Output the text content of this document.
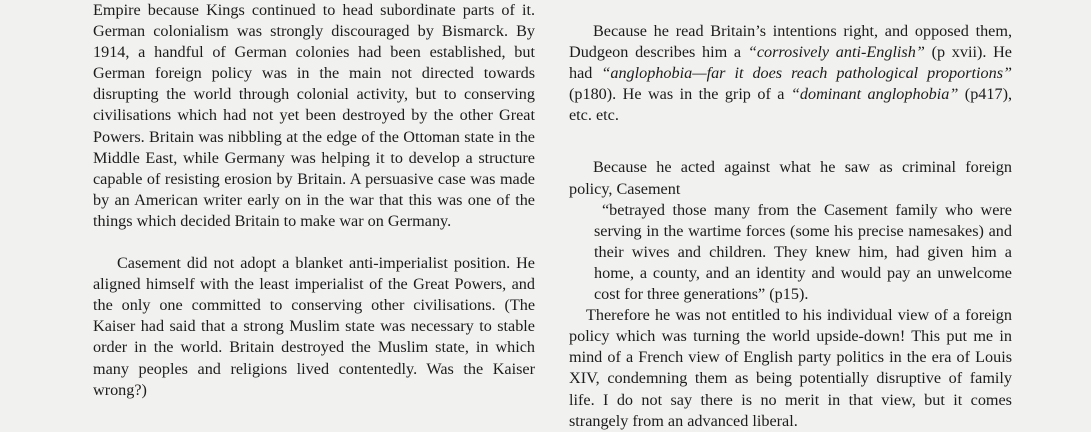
Empire because Kings continued to head subordinate parts of it. German colonialism was strongly discouraged by Bismarck. By 1914, a handful of German colonies had been established, but German foreign policy was in the main not directed towards disrupting the world through colonial activity, but to conserving civilisations which had not yet been destroyed by the other Great Powers. Britain was nibbling at the edge of the Ottoman state in the Middle East, while Germany was helping it to develop a structure capable of resisting erosion by Britain. A persuasive case was made by an American writer early on in the war that this was one of the things which decided Britain to make war on Germany.

Casement did not adopt a blanket anti-imperialist position. He aligned himself with the least imperialist of the Great Powers, and the only one committed to conserving other civilisations. (The Kaiser had said that a strong Muslim state was necessary to stable order in the world. Britain destroyed the Muslim state, in which many peoples and religions lived contentedly. Was the Kaiser wrong?)

Because he read Britain’s intentions right, and opposed them, Dudgeon describes him a “corrosively anti-English” (p xvii). He had “anglophobia—far it does reach pathological proportions” (p180). He was in the grip of a “dominant anglophobia” (p417), etc. etc.

Because he acted against what he saw as criminal foreign policy, Casement

“betrayed those many from the Casement family who were serving in the wartime forces (some his precise namesakes) and their wives and children. They knew him, had given him a home, a county, and an identity and would pay an unwelcome cost for three generations” (p15).

Therefore he was not entitled to his individual view of a foreign policy which was turning the world upside-down! This put me in mind of a French view of English party politics in the era of Louis XIV, condemning them as being potentially disruptive of family life. I do not say there is no merit in that view, but it comes strangely from an advanced liberal.
